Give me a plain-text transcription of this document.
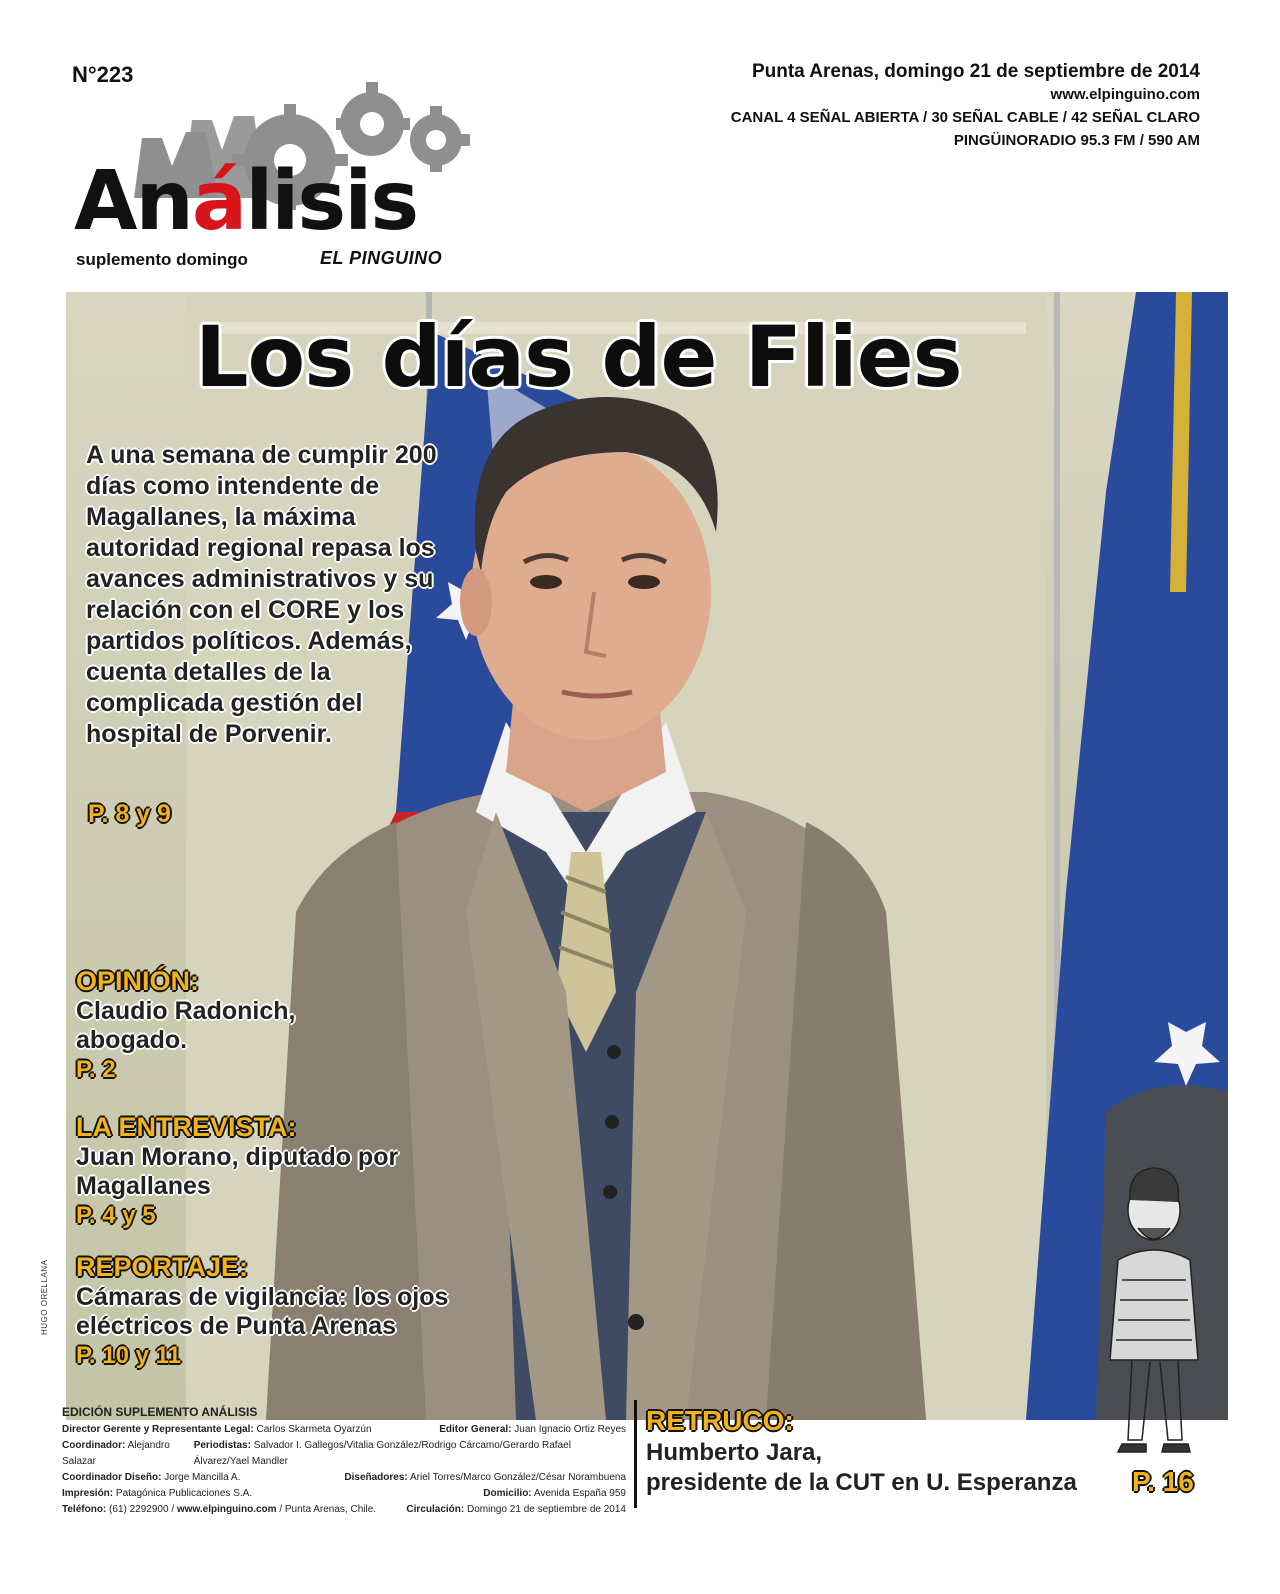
N°223	Punta Arenas, domingo 21 de septiembre de 2014
www.elpinguino.com
CANAL 4 SEÑAL ABIERTA / 30 SEÑAL CABLE / 42 SEÑAL CLARO
PINGÜINORADIO 95.3 FM / 590 AM
Análisis
suplemento domingo	EL PINGUINO
Los días de Flies
A una semana de cumplir 200 días como intendente de Magallanes, la máxima autoridad regional repasa los avances administrativos y su relación con el CORE y los partidos políticos. Además, cuenta detalles de la complicada gestión del hospital de Porvenir.
P. 8 y 9
OPINIÓN:
Claudio Radonich, abogado.
P. 2
LA ENTREVISTA:
Juan Morano, diputado por Magallanes
P. 4 y 5
REPORTAJE:
Cámaras de vigilancia: los ojos eléctricos de Punta Arenas
P. 10 y 11
HUGO ORELLANA
EDICIÓN SUPLEMENTO ANÁLISIS
Director Gerente y Representante Legal: Carlos Skarmeta Oyarzún	Editor General: Juan Ignacio Ortiz Reyes
Coordinador: Alejandro Salazar
Periodistas: Salvador I. Gallegos/Vitalia González/Rodrigo Cárcamo/Gerardo Rafael Álvarez/Yael Mandler
Coordinador Diseño: Jorge Mancilla A.	Diseñadores: Ariel Torres/Marco González/César Norambuena
Impresión: Patagónica Publicaciones S.A.	Domicilio: Avenida España 959
Teléfono: (61) 2292900 / www.elpinguino.com / Punta Arenas, Chile.	Circulación: Domingo 21 de septiembre de 2014
RETRUCO:
Humberto Jara,
presidente de la CUT en U. Esperanza P. 16
